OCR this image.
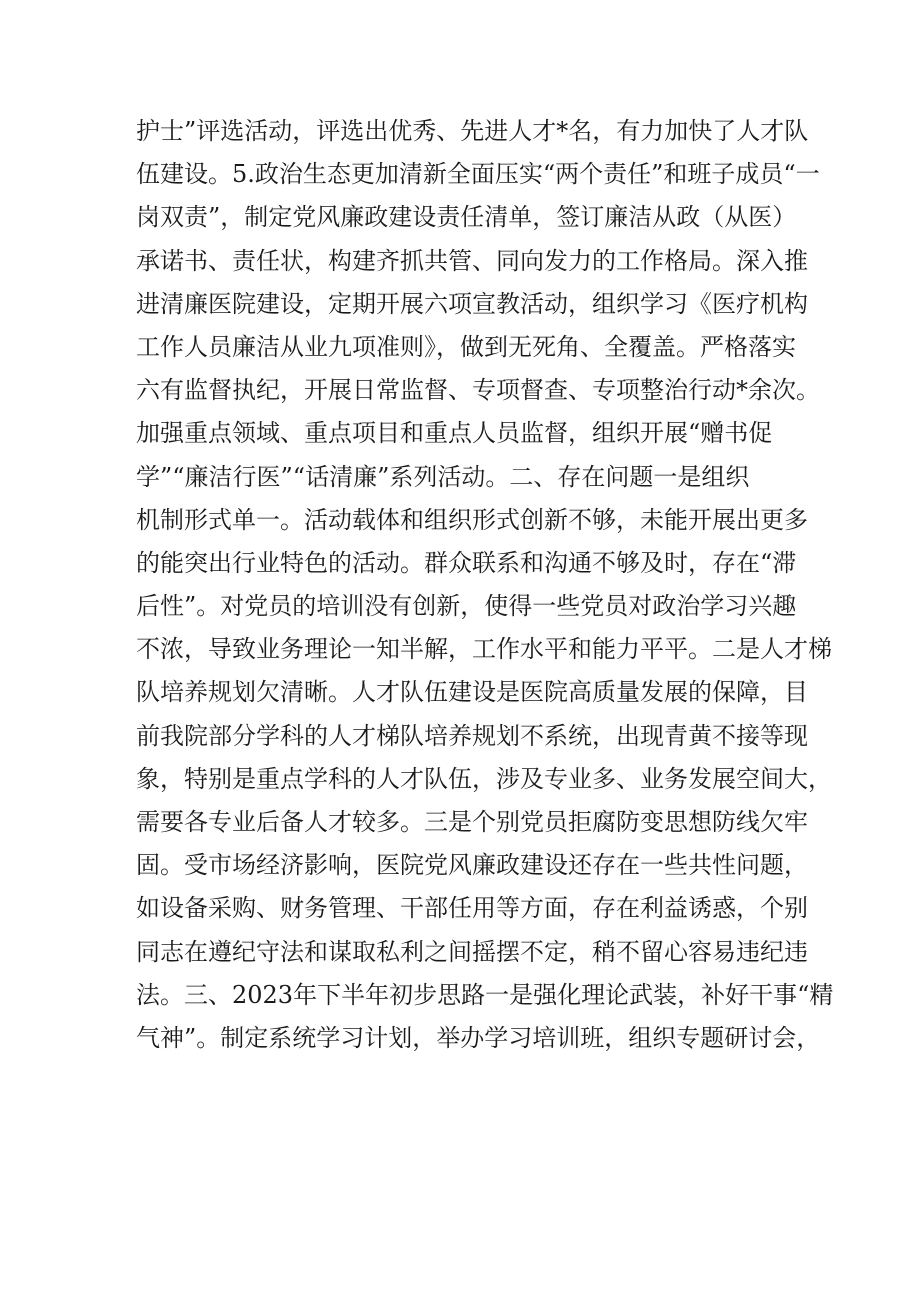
护士”评选活动，评选出优秀、先进人才*名，有力加快了人才队
伍建设。5.政治生态更加清新全面压实“两个责任”和班子成员“一
岗双责”，制定党风廉政建设责任清单，签订廉洁从政（从医）
承诺书、责任状，构建齐抓共管、同向发力的工作格局。深入推
进清廉医院建设，定期开展六项宣教活动，组织学习《医疗机构
工作人员廉洁从业九项准则》，做到无死角、全覆盖。严格落实
六有监督执纪，开展日常监督、专项督查、专项整治行动*余次。
加强重点领域、重点项目和重点人员监督，组织开展“赠书促
学”“廉洁行医”“话清廉”系列活动。二、存在问题一是组织
机制形式单一。活动载体和组织形式创新不够，未能开展出更多
的能突出行业特色的活动。群众联系和沟通不够及时，存在“滞
后性”。对党员的培训没有创新，使得一些党员对政治学习兴趣
不浓，导致业务理论一知半解，工作水平和能力平平。二是人才梯
队培养规划欠清晰。人才队伍建设是医院高质量发展的保障，目
前我院部分学科的人才梯队培养规划不系统，出现青黄不接等现
象，特别是重点学科的人才队伍，涉及专业多、业务发展空间大，
需要各专业后备人才较多。三是个别党员拒腐防变思想防线欠牢
固。受市场经济影响，医院党风廉政建设还存在一些共性问题，
如设备采购、财务管理、干部任用等方面，存在利益诱惑，个别
同志在遵纪守法和谋取私利之间摇摆不定，稍不留心容易违纪违
法。三、2023年下半年初步思路一是强化理论武装，补好干事“精
气神”。制定系统学习计划，举办学习培训班，组织专题研讨会，
